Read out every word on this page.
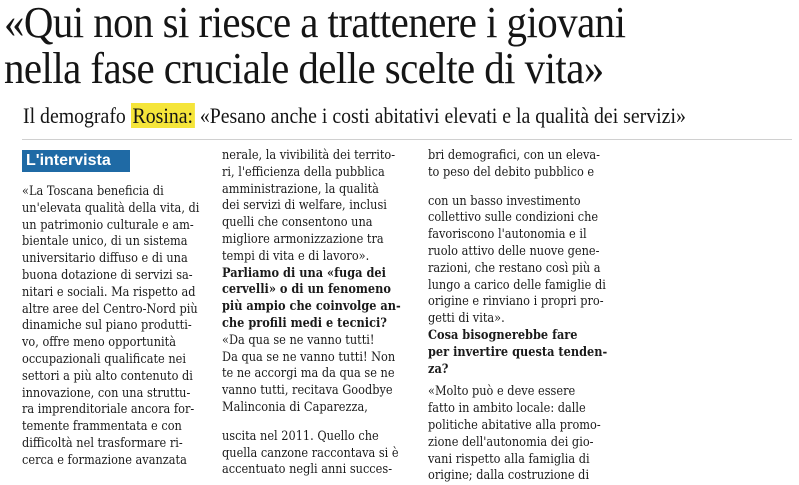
«Qui non si riesce a trattenere i giovani
nella fase cruciale delle scelte di vita»
Il demografo Rosina: «Pesano anche i costi abitativi elevati e la qualità dei servizi»
L'intervista
«La Toscana beneficia di
un'elevata qualità della vita, di
un patrimonio culturale e am-
bientale unico, di un sistema
universitario diffuso e di una
buona dotazione di servizi sa-
nitari e sociali. Ma rispetto ad
altre aree del Centro-Nord più
dinamiche sul piano produtti-
vo, offre meno opportunità
occupazionali qualificate nei
settori a più alto contenuto di
innovazione, con una struttu-
ra imprenditoriale ancora for-
temente frammentata e con
difficoltà nel trasformare ri-
cerca e formazione avanzata
nerale, la vivibilità dei territo-
ri, l'efficienza della pubblica
amministrazione, la qualità
dei servizi di welfare, inclusi
quelli che consentono una
migliore armonizzazione tra
tempi di vita e di lavoro».
Parliamo di una «fuga dei
cervelli» o di un fenomeno
più ampio che coinvolge an-
che profili medi e tecnici?
«Da qua se ne vanno tutti!
Da qua se ne vanno tutti! Non
te ne accorgi ma da qua se ne
vanno tutti, recitava Goodbye
Malinconia di Caparezza,
uscita nel 2011. Quello che
quella canzone raccontava si è
accentuato negli anni succes-
bri demografici, con un eleva-
to peso del debito pubblico e
con un basso investimento
collettivo sulle condizioni che
favoriscono l'autonomia e il
ruolo attivo delle nuove gene-
razioni, che restano così più a
lungo a carico delle famiglie di
origine e rinviano i propri pro-
getti di vita».
Cosa bisognerebbe fare
per invertire questa tenden-
za?
«Molto può e deve essere
fatto in ambito locale: dalle
politiche abitative alla promo-
zione dell'autonomia dei gio-
vani rispetto alla famiglia di
origine; dalla costruzione di
